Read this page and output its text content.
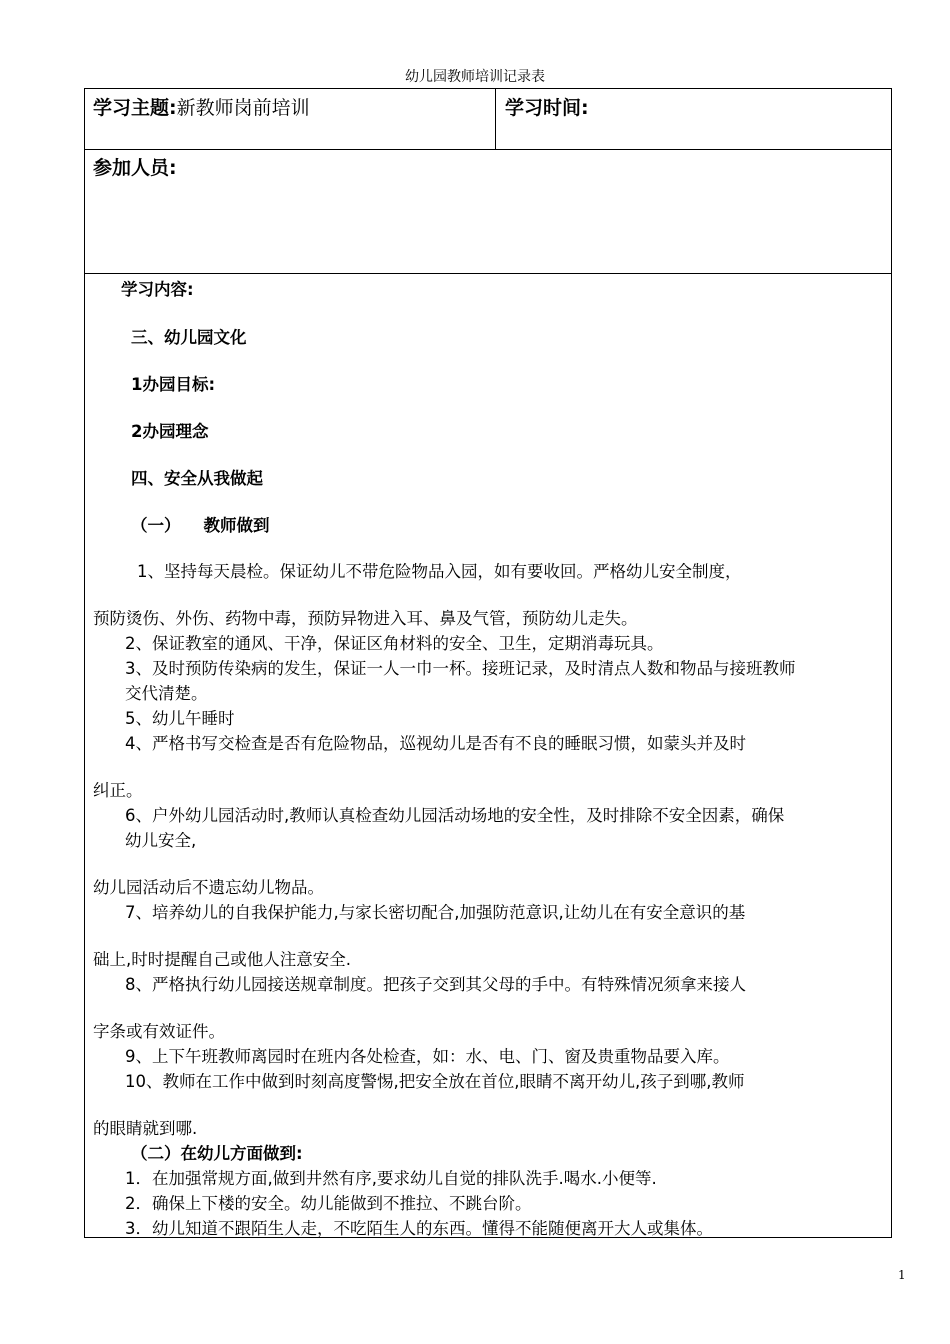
幼儿园教师培训记录表
学习主题:新教师岗前培训	学习时间:
参加人员:
学习内容:
三、幼儿园文化
1办园目标:
2办园理念
四、安全从我做起
（一）    教师做到
1、坚持每天晨检。保证幼儿不带危险物品入园，如有要收回。严格幼儿安全制度，
预防烫伤、外伤、药物中毒，预防异物进入耳、鼻及气管，预防幼儿走失。
2、保证教室的通风、干净，保证区角材料的安全、卫生，定期消毒玩具。
3、及时预防传染病的发生，保证一人一巾一杯。接班记录，及时清点人数和物品与接班教师
交代清楚。
5、幼儿午睡时
4、严格书写交检查是否有危险物品，巡视幼儿是否有不良的睡眠习惯，如蒙头并及时
纠正。
6、户外幼儿园活动时,教师认真检查幼儿园活动场地的安全性，及时排除不安全因素，确保
幼儿安全,
幼儿园活动后不遗忘幼儿物品。
7、培养幼儿的自我保护能力,与家长密切配合,加强防范意识,让幼儿在有安全意识的基
础上,时时提醒自己或他人注意安全.
8、严格执行幼儿园接送规章制度。把孩子交到其父母的手中。有特殊情况须拿来接人
字条或有效证件。
9、上下午班教师离园时在班内各处检查，如：水、电、门、窗及贵重物品要入库。
10、教师在工作中做到时刻高度警惕,把安全放在首位,眼睛不离开幼儿,孩子到哪,教师
的眼睛就到哪.
（二）在幼儿方面做到:
1．在加强常规方面,做到井然有序,要求幼儿自觉的排队洗手.喝水.小便等.
2．确保上下楼的安全。幼儿能做到不推拉、不跳台阶。
3．幼儿知道不跟陌生人走，不吃陌生人的东西。懂得不能随便离开大人或集体。
1
